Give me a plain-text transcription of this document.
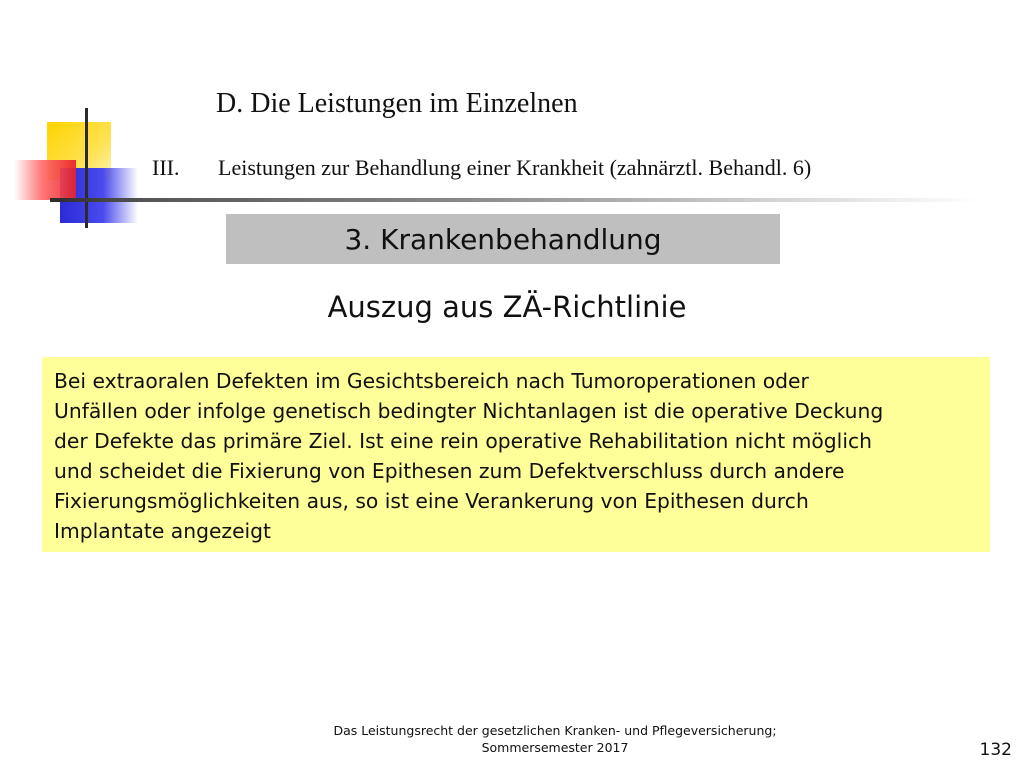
D. Die Leistungen im Einzelnen
III. Leistungen zur Behandlung einer Krankheit (zahnärztl. Behandl. 6)
3. Krankenbehandlung
Auszug aus ZÄ-Richtlinie

Bei extraoralen Defekten im Gesichtsbereich nach Tumoroperationen oder

Unfällen oder infolge genetisch bedingter Nichtanlagen ist die operative Deckung

der Defekte das primäre Ziel. Ist eine rein operative Rehabilitation nicht möglich

und scheidet die Fixierung von Epithesen zum Defektverschluss durch andere

Fixierungsmöglichkeiten aus, so ist eine Verankerung von Epithesen durch

Implantate angezeigt

Das Leistungsrecht der gesetzlichen Kranken- und Pflegeversicherung;
Sommersemester 2017	132
